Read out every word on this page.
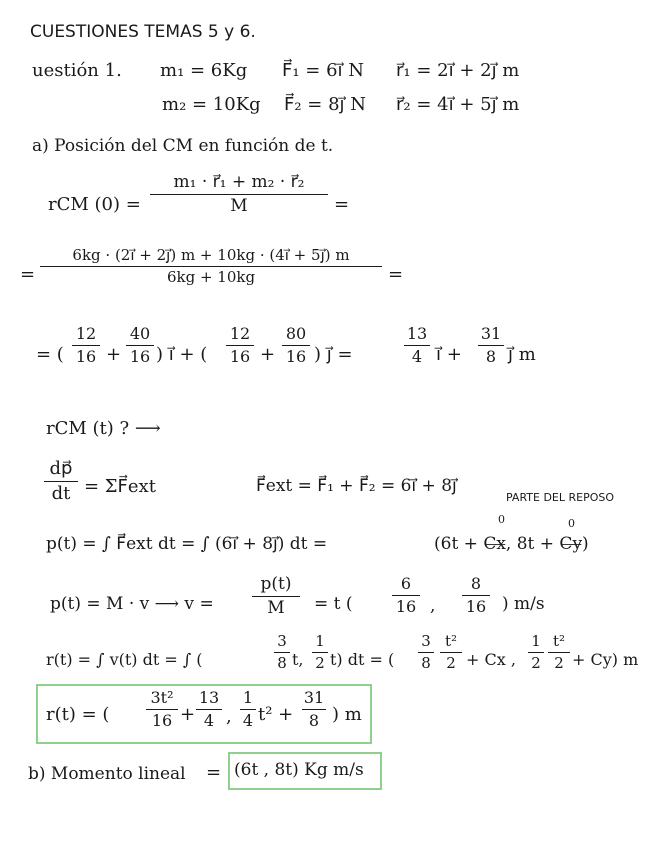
CUESTIONES TEMAS 5 y 6.
uestión 1. m₁ = 6Kg F⃗₁ = 6i⃗ N r⃗₁ = 2i⃗ + 2j⃗ m
m₂ = 10Kg F⃗₂ = 8j⃗ N r⃗₂ = 4i⃗ + 5j⃗ m
a) Posición del CM en función de t.
rCM $(0) = \frac{\text{m₁ · r⃗₁ + m₂ · r⃗₂}}{M}$ =
= $\frac{6kg \cdot (2i⃗ + 2j⃗) m + 10kg \cdot (4i⃗ + 5j⃗) m}{6kg + 10kg}$ =
= ( $\frac{12}{16} + \frac{40}{16}$ ) i⃗ + ( $\frac{12}{16} + \frac{80}{16}$ ) j⃗ =	$\frac{13}{4}$ i⃗ + $\frac{31}{8}$ j⃗ m
rCM (t) ? ⟶
$\frac{dp⃗}{dt}$ = ΣF⃗ext	F⃗ext = F⃗₁ + F⃗₂ = 6i⃗ + 8j⃗
PARTE DEL REPOSO
0	0
p(t) = ∫ F⃗ext dt = ∫ (6i⃗ + 8j⃗) dt =	(6t + C̶x̶, 8t + C̶y̶)
p(t) = M · v ⟶ $v = \frac{p(t)}{M} = t$ ( $\frac{6}{16}$ , $\frac{8}{16}$ ) m/s
r(t) = ∫ v(t) dt = ∫ (	$\frac{3}{8} t$, $\frac{1}{2} t$) dt = ( $\frac{3}{8} \frac{\text{t²}}{2} + Cx$ , $\frac{1}{2} \frac{\text{t²}}{2} + Cy$) m
r(t) = ( $\frac{\text{3t²}}{16} + \frac{13}{4}$ , $\frac{1}{4} t^2 + \frac{31}{8}$ ) m
b) Momento lineal = (6t , 8t) Kg m/s
